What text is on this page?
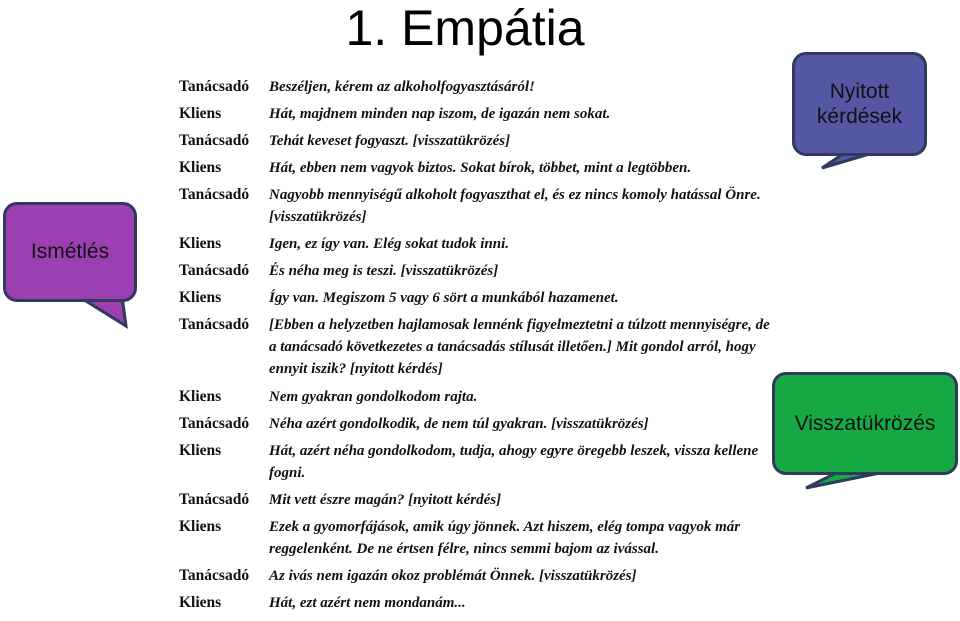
1. Empátia
Ismétlés
Nyitott
kérdések
Visszatükrözés
Tanácsadó	Beszéljen, kérem az alkoholfogyasztásáról!
Kliens	Hát, majdnem minden nap iszom, de igazán nem sokat.
Tanácsadó	Tehát keveset fogyaszt. [visszatükrözés]
Kliens	Hát, ebben nem vagyok biztos. Sokat bírok, többet, mint a legtöbben.
Tanácsadó	Nagyobb mennyiségű alkoholt fogyaszthat el, és ez nincs komoly hatással Önre. [visszatükrözés]
Kliens	Igen, ez így van. Elég sokat tudok inni.
Tanácsadó	És néha meg is teszi. [visszatükrözés]
Kliens	Így van. Megiszom 5 vagy 6 sört a munkából hazamenet.
Tanácsadó	[Ebben a helyzetben hajlamosak lennénk figyelmeztetni a túlzott mennyiségre, de a tanácsadó következetes a tanácsadás stílusát illetően.] Mit gondol arról, hogy ennyit iszik? [nyitott kérdés]
Kliens	Nem gyakran gondolkodom rajta.
Tanácsadó	Néha azért gondolkodik, de nem túl gyakran. [visszatükrözés]
Kliens	Hát, azért néha gondolkodom, tudja, ahogy egyre öregebb leszek, vissza kellene fogni.
Tanácsadó	Mit vett észre magán? [nyitott kérdés]
Kliens	Ezek a gyomorfájások, amik úgy jönnek. Azt hiszem, elég tompa vagyok már reggelenként. De ne értsen félre, nincs semmi bajom az ivással.
Tanácsadó	Az ivás nem igazán okoz problémát Önnek. [visszatükrözés]
Kliens	Hát, ezt azért nem mondanám...
